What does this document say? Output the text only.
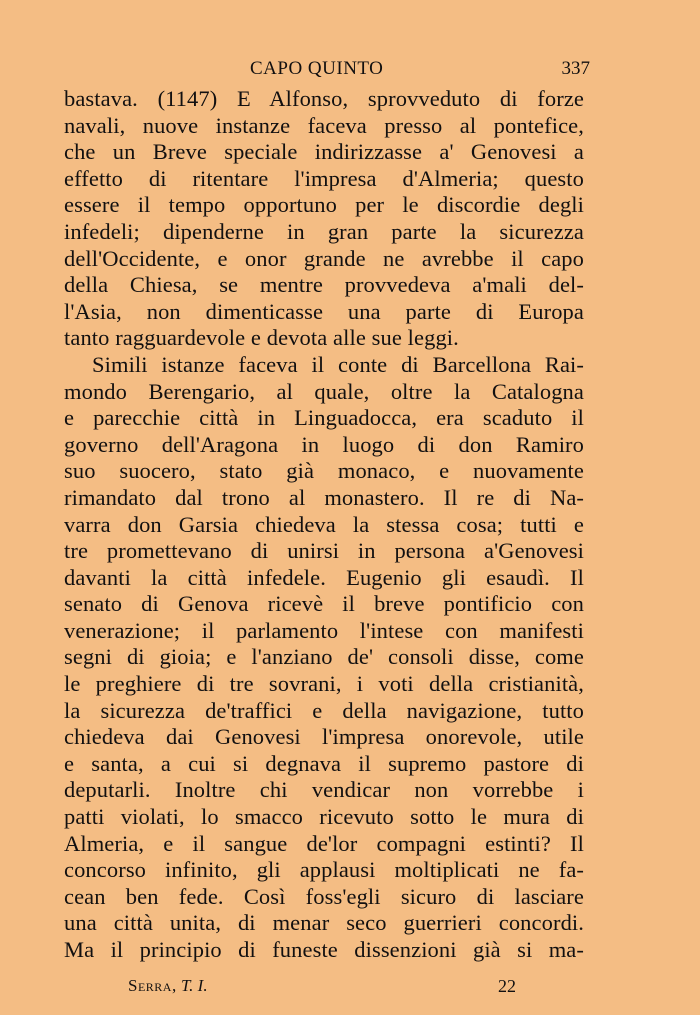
CAPO QUINTO	337
bastava. (1147) E Alfonso, sprovveduto di forze
navali, nuove instanze faceva presso al pontefice,
che un Breve speciale indirizzasse a' Genovesi a
effetto di ritentare l'impresa d'Almeria; questo
essere il tempo opportuno per le discordie degli
infedeli; dipenderne in gran parte la sicurezza
dell'Occidente, e onor grande ne avrebbe il capo
della Chiesa, se mentre provvedeva a'mali del-
l'Asia, non dimenticasse una parte di Europa
tanto ragguardevole e devota alle sue leggi.
Simili istanze faceva il conte di Barcellona Rai-
mondo Berengario, al quale, oltre la Catalogna
e parecchie città in Linguadocca, era scaduto il
governo dell'Aragona in luogo di don Ramiro
suo suocero, stato già monaco, e nuovamente
rimandato dal trono al monastero. Il re di Na-
varra don Garsia chiedeva la stessa cosa; tutti e
tre promettevano di unirsi in persona a'Genovesi
davanti la città infedele. Eugenio gli esaudì. Il
senato di Genova ricevè il breve pontificio con
venerazione; il parlamento l'intese con manifesti
segni di gioia; e l'anziano de' consoli disse, come
le preghiere di tre sovrani, i voti della cristianità,
la sicurezza de'traffici e della navigazione, tutto
chiedeva dai Genovesi l'impresa onorevole, utile
e santa, a cui si degnava il supremo pastore di
deputarli. Inoltre chi vendicar non vorrebbe i
patti violati, lo smacco ricevuto sotto le mura di
Almeria, e il sangue de'lor compagni estinti? Il
concorso infinito, gli applausi moltiplicati ne fa-
cean ben fede. Così foss'egli sicuro di lasciare
una città unita, di menar seco guerrieri concordi.
Ma il principio di funeste dissenzioni già si ma-
Serra, T. I.	22
